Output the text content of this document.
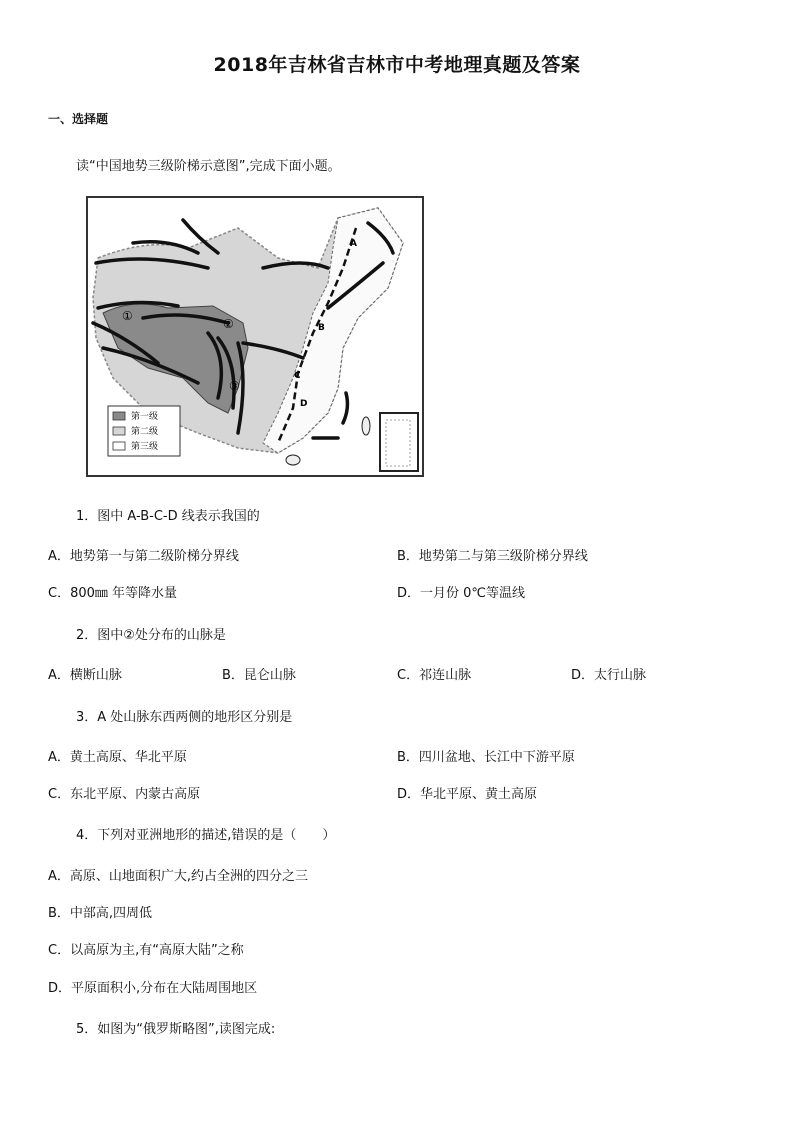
2018年吉林省吉林市中考地理真题及答案
一、选择题
读“中国地势三级阶梯示意图”,完成下面小题。
①
②
③
A
B
C
D
第一级
第二级
第三级
1．图中 A-B-C-D 线表示我国的
A．地势第一与第二级阶梯分界线	B．地势第二与第三级阶梯分界线
C．800㎜ 年等降水量	D．一月份 0℃等温线
2．图中②处分布的山脉是
A．横断山脉	B．昆仑山脉	C．祁连山脉	D．太行山脉
3．A 处山脉东西两侧的地形区分别是
A．黄土高原、华北平原	B．四川盆地、长江中下游平原
C．东北平原、内蒙古高原	D．华北平原、黄土高原
4．下列对亚洲地形的描述,错误的是（　　）
A．高原、山地面积广大,约占全洲的四分之三
B．中部高,四周低
C．以高原为主,有“高原大陆”之称
D．平原面积小,分布在大陆周围地区
5．如图为“俄罗斯略图”,读图完成:
